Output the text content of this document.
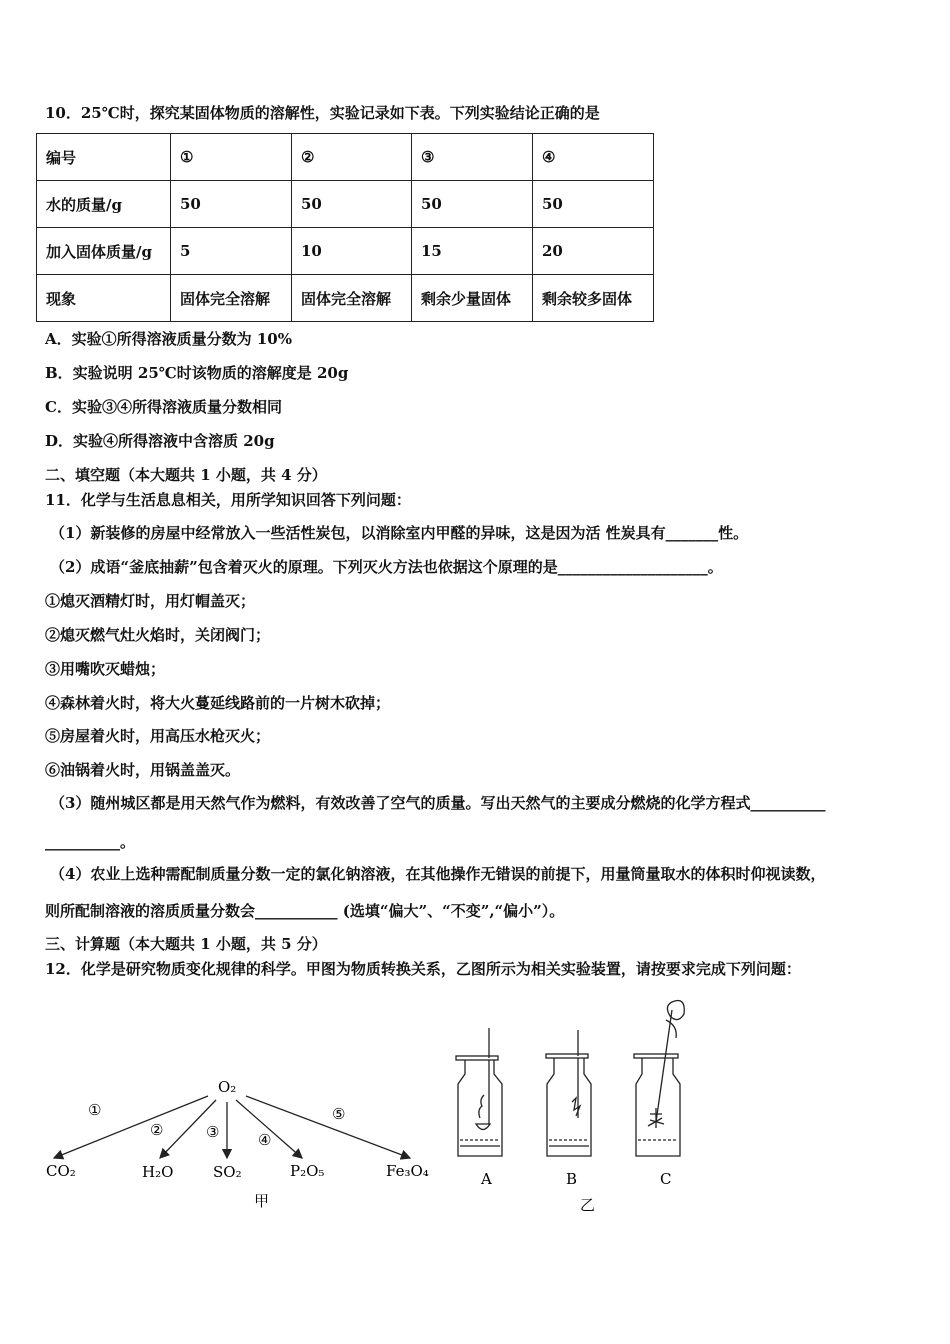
10．25℃时，探究某固体物质的溶解性，实验记录如下表。下列实验结论正确的是
编号	①	②	③	④
水的质量/g	50	50	50	50
加入固体质量/g	5	10	15	20
现象	固体完全溶解	固体完全溶解	剩余少量固体	剩余较多固体
A．实验①所得溶液质量分数为 10%
B．实验说明 25℃时该物质的溶解度是 20g
C．实验③④所得溶液质量分数相同
D．实验④所得溶液中含溶质 20g
二、填空题（本大题共 1 小题，共 4 分）
11．化学与生活息息相关，用所学知识回答下列问题：
（1）新装修的房屋中经常放入一些活性炭包，以消除室内甲醛的异味，这是因为活 性炭具有_______性。
（2）成语“釜底抽薪”包含着灭火的原理。下列灭火方法也依据这个原理的是____________________。
①熄灭酒精灯时，用灯帽盖灭；
②熄灭燃气灶火焰时，关闭阀门；
③用嘴吹灭蜡烛；
④森林着火时，将大火蔓延线路前的一片树木砍掉；
⑤房屋着火时，用高压水枪灭火；
⑥油锅着火时，用锅盖盖灭。
（3）随州城区都是用天然气作为燃料，有效改善了空气的质量。写出天然气的主要成分燃烧的化学方程式__________
__________。
（4）农业上选种需配制质量分数一定的氯化钠溶液，在其他操作无错误的前提下，用量筒量取水的体积时仰视读数，
则所配制溶液的溶质质量分数会___________ (选填“偏大”、“不变”,“偏小”）。
三、计算题（本大题共 1 小题，共 5 分）
12．化学是研究物质变化规律的科学。甲图为物质转换关系，乙图所示为相关实验装置，请按要求完成下列问题：
O₂
①
②	③	④
⑤
CO₂	H₂O	SO₂	P₂O₅	Fe₃O₄
甲
A	B	C
乙
